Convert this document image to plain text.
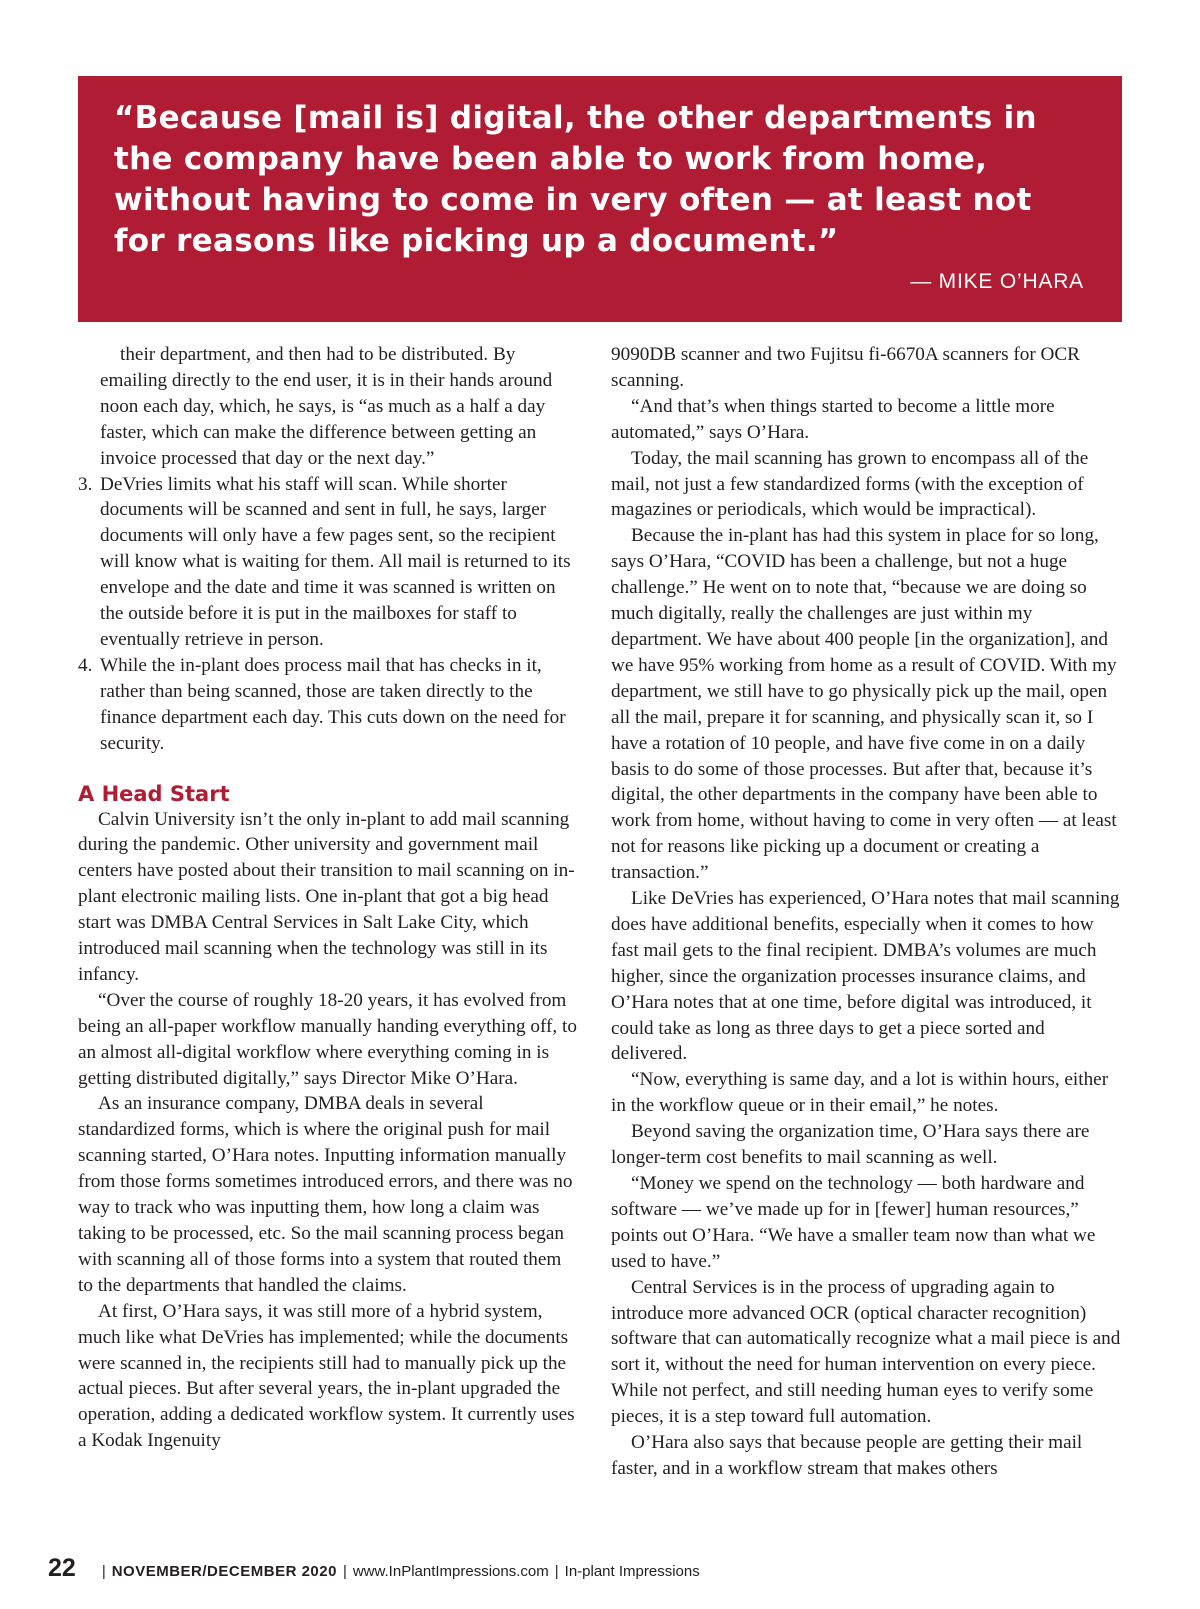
“Because [mail is] digital, the other departments in the company have been able to work from home, without having to come in very often — at least not for reasons like picking up a document.”

— MIKE O’HARA

their department, and then had to be distributed. By emailing directly to the end user, it is in their hands around noon each day, which, he says, is “as much as a half a day faster, which can make the difference between getting an invoice processed that day or the next day.”

3. DeVries limits what his staff will scan. While shorter documents will be scanned and sent in full, he says, larger documents will only have a few pages sent, so the recipient will know what is waiting for them. All mail is returned to its envelope and the date and time it was scanned is written on the outside before it is put in the mailboxes for staff to eventually retrieve in person.
4. While the in-plant does process mail that has checks in it, rather than being scanned, those are taken directly to the finance department each day. This cuts down on the need for security.
A Head Start

Calvin University isn’t the only in-plant to add mail scanning during the pandemic. Other university and government mail centers have posted about their transition to mail scanning on in-plant electronic mailing lists. One in-plant that got a big head start was DMBA Central Services in Salt Lake City, which introduced mail scanning when the technology was still in its infancy.

“Over the course of roughly 18-20 years, it has evolved from being an all-paper workflow manually handing everything off, to an almost all-digital workflow where everything coming in is getting distributed digitally,” says Director Mike O’Hara.

As an insurance company, DMBA deals in several standardized forms, which is where the original push for mail scanning started, O’Hara notes. Inputting information manually from those forms sometimes introduced errors, and there was no way to track who was inputting them, how long a claim was taking to be processed, etc. So the mail scanning process began with scanning all of those forms into a system that routed them to the departments that handled the claims.

At first, O’Hara says, it was still more of a hybrid system, much like what DeVries has implemented; while the documents were scanned in, the recipients still had to manually pick up the actual pieces. But after several years, the in-plant upgraded the operation, adding a dedicated workflow system. It currently uses a Kodak Ingenuity

9090DB scanner and two Fujitsu fi-6670A scanners for OCR scanning.

“And that’s when things started to become a little more automated,” says O’Hara.

Today, the mail scanning has grown to encompass all of the mail, not just a few standardized forms (with the exception of magazines or periodicals, which would be impractical).

Because the in-plant has had this system in place for so long, says O’Hara, “COVID has been a challenge, but not a huge challenge.” He went on to note that, “because we are doing so much digitally, really the challenges are just within my department. We have about 400 people [in the organization], and we have 95% working from home as a result of COVID. With my department, we still have to go physically pick up the mail, open all the mail, prepare it for scanning, and physically scan it, so I have a rotation of 10 people, and have five come in on a daily basis to do some of those processes. But after that, because it’s digital, the other departments in the company have been able to work from home, without having to come in very often — at least not for reasons like picking up a document or creating a transaction.”

Like DeVries has experienced, O’Hara notes that mail scanning does have additional benefits, especially when it comes to how fast mail gets to the final recipient. DMBA’s volumes are much higher, since the organization processes insurance claims, and O’Hara notes that at one time, before digital was introduced, it could take as long as three days to get a piece sorted and delivered.

“Now, everything is same day, and a lot is within hours, either in the workflow queue or in their email,” he notes.

Beyond saving the organization time, O’Hara says there are longer-term cost benefits to mail scanning as well.

“Money we spend on the technology — both hardware and software — we’ve made up for in [fewer] human resources,” points out O’Hara. “We have a smaller team now than what we used to have.”

Central Services is in the process of upgrading again to introduce more advanced OCR (optical character recognition) software that can automatically recognize what a mail piece is and sort it, without the need for human intervention on every piece. While not perfect, and still needing human eyes to verify some pieces, it is a step toward full automation.

O’Hara also says that because people are getting their mail faster, and in a workflow stream that makes others

22 | NOVEMBER/DECEMBER 2020 | www.InPlantImpressions.com | In-plant Impressions
